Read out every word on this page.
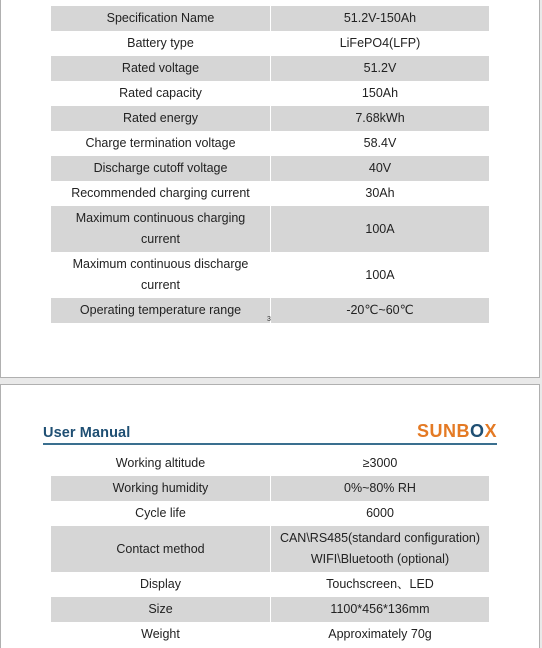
Specification Name	51.2V-150Ah
Battery type	LiFePO4(LFP)
Rated voltage	51.2V
Rated capacity	150Ah
Rated energy	7.68kWh
Charge termination voltage	58.4V
Discharge cutoff voltage	40V
Recommended charging current	30Ah
Maximum continuous charging current	100A
Maximum continuous discharge current	100A
Operating temperature range	-20℃~60℃
3
User Manual	SUNBOX
Working altitude	≥3000
Working humidity	0%~80% RH
Cycle life	6000
Contact method	CAN\RS485(standard configuration) WIFI\Bluetooth (optional)
Display	Touchscreen、LED
Size	1100*456*136mm
Weight	Approximately 70g
